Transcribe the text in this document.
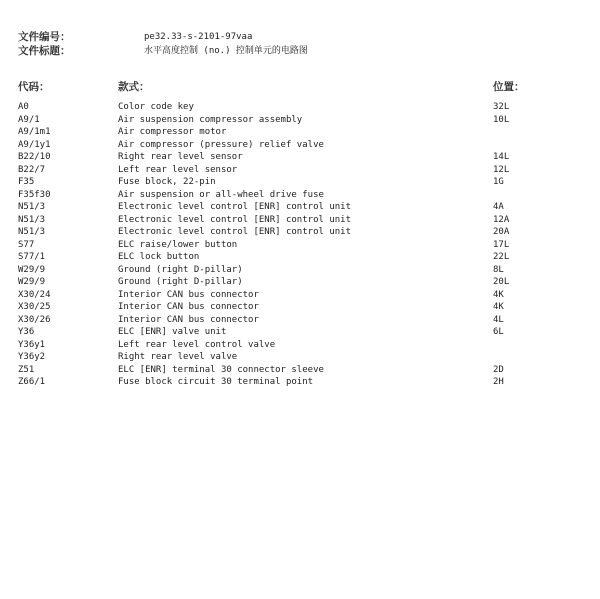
文件编号：	pe32.33-s-2101-97vaa
文件标题：	水平高度控制 (no.) 控制单元的电路图
代码：	款式：	位置：
A0	Color code key	32L
A9/1	Air suspension compressor assembly	10L
A9/1m1	Air compressor motor
A9/1y1	Air compressor (pressure) relief valve
B22/10	Right rear level sensor	14L
B22/7	Left rear level sensor	12L
F35	Fuse block, 22-pin	1G
F35f30	Air suspension or all-wheel drive fuse
N51/3	Electronic level control [ENR] control unit	4A
N51/3	Electronic level control [ENR] control unit	12A
N51/3	Electronic level control [ENR] control unit	20A
S77	ELC raise/lower button	17L
S77/1	ELC lock button	22L
W29/9	Ground (right D-pillar)	8L
W29/9	Ground (right D-pillar)	20L
X30/24	Interior CAN bus connector	4K
X30/25	Interior CAN bus connector	4K
X30/26	Interior CAN bus connector	4L
Y36	ELC [ENR] valve unit	6L
Y36y1	Left rear level control valve
Y36y2	Right rear level valve
Z51	ELC [ENR] terminal 30 connector sleeve	2D
Z66/1	Fuse block circuit 30 terminal point	2H
